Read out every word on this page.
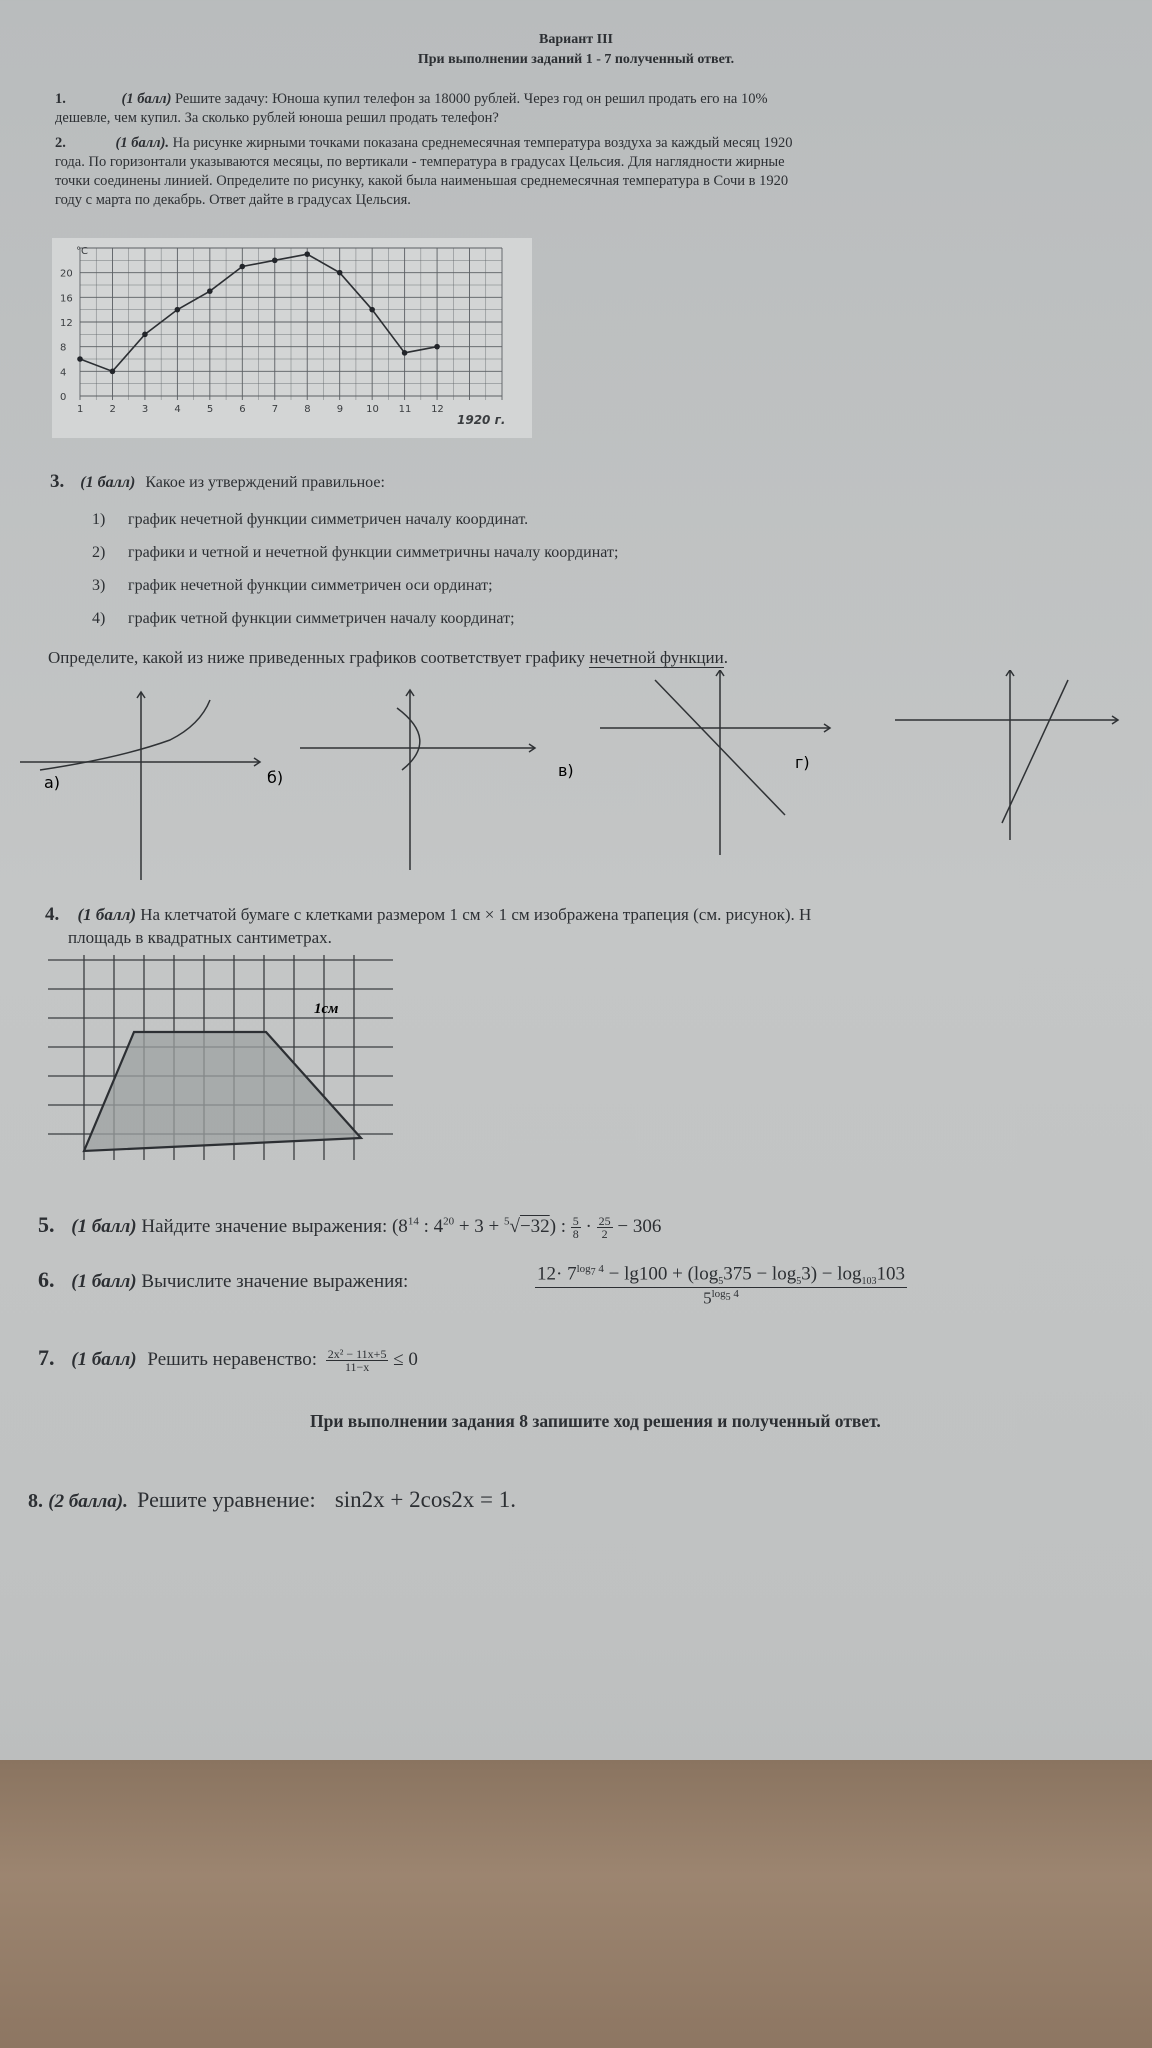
Вариант III
При выполнении заданий 1 - 7 полученный ответ.
1.	(1 балл) Решите задачу: Юноша купил телефон за 18000 рублей. Через год он решил продать его на 10%
дешевле, чем купил. За сколько рублей юноша решил продать телефон?
2.	(1 балл). На рисунке жирными точками показана среднемесячная температура воздуха за каждый месяц 1920
года. По горизонтали указываются месяцы, по вертикали - температура в градусах Цельсия. Для наглядности жирные
точки соединены линией. Определите по рисунку, какой была наименьшая среднемесячная температура в Сочи в 1920
году с марта по декабрь. Ответ дайте в градусах Цельсия.
0
4
8
12
16
20
1	2	3	4	5	6	7	8	9 10 11 12
°C
1920 г.
3. (1 балл) Какое из утверждений правильное:
1) график нечетной функции симметричен началу координат.
2) графики и четной и нечетной функции симметричны началу координат;
3) график нечетной функции симметричен оси ординат;
4) график четной функции симметричен началу координат;
Определите, какой из ниже приведенных графиков соответствует графику нечетной функции.
а)	б)	в)	г)
4. (1 балл) На клетчатой бумаге с клетками размером 1 см × 1 см изображена трапеция (см. рисунок). Н
площадь в квадратных сантиметрах.
1см
5. (1 балл) Найдите значение выражения: ($8^{14}$ : $4^{20} + 3 + ^5√-32$) : $\frac{5}{8} \cdot \frac{25}{2} - 306$
6. (1 балл) Вычислите значение выражения:	$\frac{12\cdot 7^{log_7 4} - \lg 100 + (\log_5375 - \log_53) - \log_{103}103}{5^{log_5 4}}$
7. (1 балл) Решить неравенство: $\frac{\text{2x² − 11x+5}}{11-x} \le 0$
При выполнении задания 8 запишите ход решения и полученный ответ.
8. (2 балла). Решите уравнение: sin2x + 2cos2x = 1.
